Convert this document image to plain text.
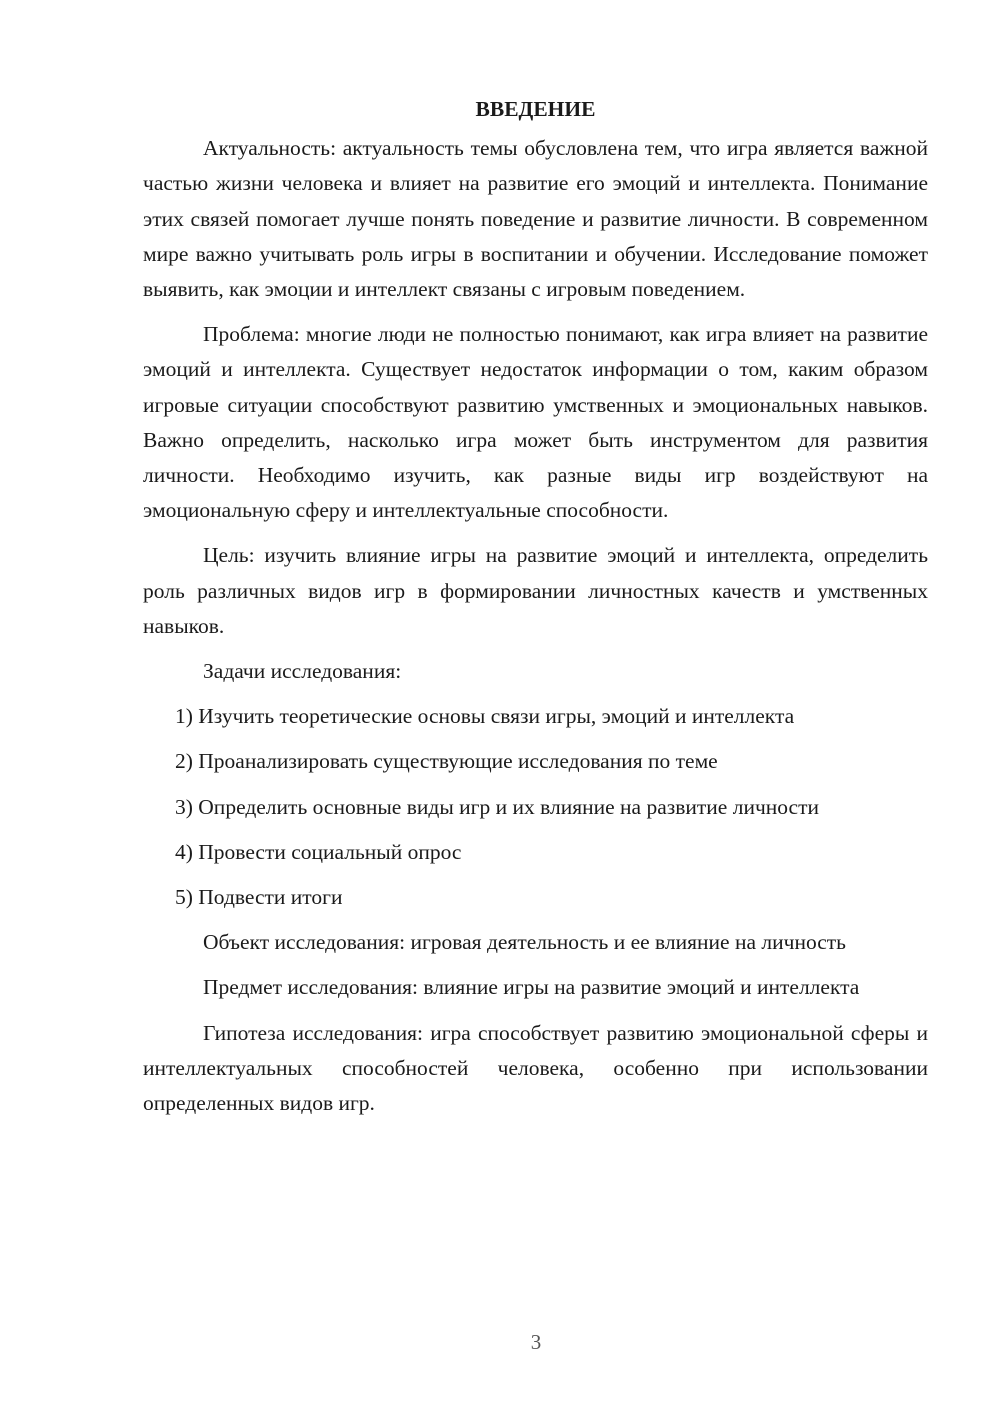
ВВЕДЕНИЕ

Актуальность: актуальность темы обусловлена тем, что игра является важной частью жизни человека и влияет на развитие его эмоций и интеллекта. Понимание этих связей помогает лучше понять поведение и развитие личности. В современном мире важно учитывать роль игры в воспитании и обучении. Исследование поможет выявить, как эмоции и интеллект связаны с игровым поведением.

Проблема: многие люди не полностью понимают, как игра влияет на развитие эмоций и интеллекта. Существует недостаток информации о том, каким образом игровые ситуации способствуют развитию умственных и эмоциональных навыков. Важно определить, насколько игра может быть инструментом для развития личности. Необходимо изучить, как разные виды игр воздействуют на эмоциональную сферу и интеллектуальные способности.

Цель: изучить влияние игры на развитие эмоций и интеллекта, определить роль различных видов игр в формировании личностных качеств и умственных навыков.

Задачи исследования:
1) Изучить теоретические основы связи игры, эмоций и интеллекта
2) Проанализировать существующие исследования по теме
3) Определить основные виды игр и их влияние на развитие личности
4) Провести социальный опрос
5) Подвести итоги

Объект исследования: игровая деятельность и ее влияние на личность

Предмет исследования: влияние игры на развитие эмоций и интеллекта

Гипотеза исследования: игра способствует развитию эмоциональной сферы и интеллектуальных способностей человека, особенно при использовании определенных видов игр.

3
